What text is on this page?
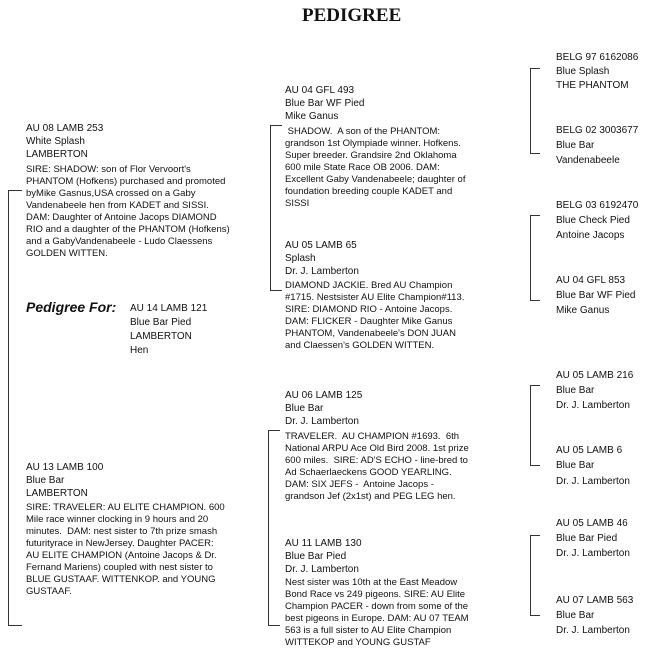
PEDIGREE
Pedigree For: AU 14 LAMB 121
Blue Bar Pied
LAMBERTON
Hen
AU 08 LAMB 253
White Splash
LAMBERTON
SIRE: SHADOW: son of Flor Vervoort's
PHANTOM (Hofkens) purchased and promoted
byMike Gasnus,USA crossed on a Gaby
Vandenabeele hen from KADET and SISSI.
DAM: Daughter of Antoine Jacops DIAMOND
RIO and a daughter of the PHANTOM (Hofkens)
and a GabyVandenabeele - Ludo Claessens
GOLDEN WITTEN.
AU 13 LAMB 100
Blue Bar
LAMBERTON
SIRE: TRAVELER: AU ELITE CHAMPION. 600
Mile race winner clocking in 9 hours and 20
minutes.  DAM: nest sister to 7th prize smash
futurityrace in NewJersey. Daughter PACER:
AU ELITE CHAMPION (Antoine Jacops & Dr.
Fernand Mariens) coupled with nest sister to
BLUE GUSTAAF. WITTENKOP. and YOUNG
GUSTAAF.
AU 04 GFL 493
Blue Bar WF Pied
Mike Ganus
SHADOW.  A son of the PHANTOM:
grandson 1st Olympiade winner. Hofkens.
Super breeder. Grandsire 2nd Oklahoma
600 mile State Race OB 2006. DAM:
Excellent Gaby Vandenabeele; daughter of
foundation breeding couple KADET and
SISSI
AU 05 LAMB 65
Splash
Dr. J. Lamberton
DIAMOND JACKIE. Bred AU Champion
#1715. Nestsister AU Elite Champion#113.
SIRE: DIAMOND RIO - Antoine Jacops.
DAM: FLICKER - Daughter Mike Ganus
PHANTOM, Vandenabeele's DON JUAN
and Claessen's GOLDEN WITTEN.
AU 06 LAMB 125
Blue Bar
Dr. J. Lamberton
TRAVELER.  AU CHAMPION #1693.  6th
National ARPU Ace Old Bird 2008. 1st prize
600 miles.  SIRE: AD'S ECHO - line-bred to
Ad Schaerlaeckens GOOD YEARLING.
DAM: SIX JEFS -  Antoine Jacops -
grandson Jef (2x1st) and PEG LEG hen.
AU 11 LAMB 130
Blue Bar Pied
Dr. J. Lamberton
Nest sister was 10th at the East Meadow
Bond Race vs 249 pigeons. SIRE: AU Elite
Champion PACER - down from some of the
best pigeons in Europe. DAM: AU 07 TEAM
563 is a full sister to AU Elite Champion
WITTEKOP and YOUNG GUSTAF
BELG 97 6162086
Blue Splash
THE PHANTOM
BELG 02 3003677
Blue Bar
Vandenabeele
BELG 03 6192470
Blue Check Pied
Antoine Jacops
AU 04 GFL 853
Blue Bar WF Pied
Mike Ganus
AU 05 LAMB 216
Blue Bar
Dr. J. Lamberton
AU 05 LAMB 6
Blue Bar
Dr. J. Lamberton
AU 05 LAMB 46
Blue Bar Pied
Dr. J. Lamberton
AU 07 LAMB 563
Blue Bar
Dr. J. Lamberton
